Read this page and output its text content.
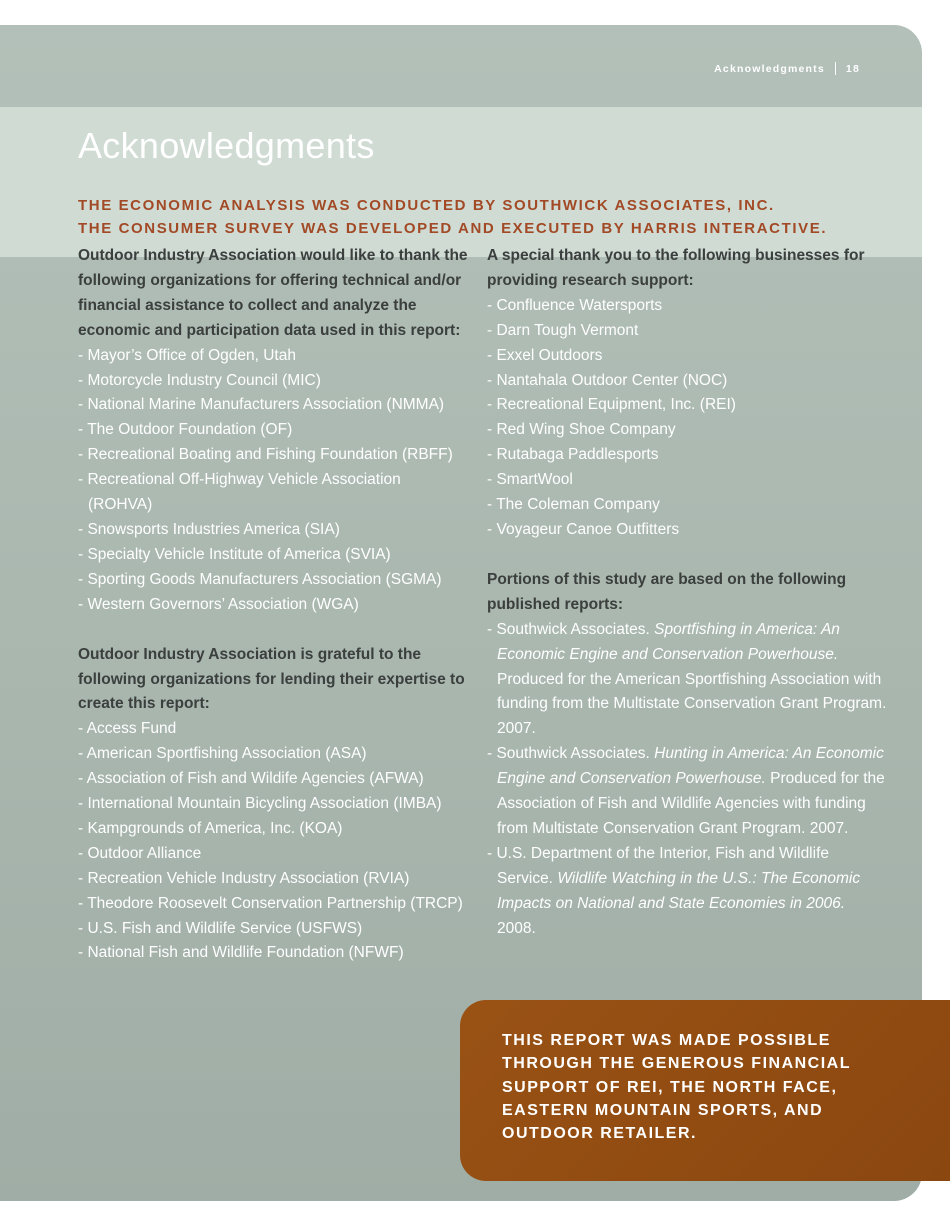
Acknowledgments 18
Acknowledgments
THE ECONOMIC ANALYSIS WAS CONDUCTED BY SOUTHWICK ASSOCIATES, INC.
THE CONSUMER SURVEY WAS DEVELOPED AND EXECUTED BY HARRIS INTERACTIVE.
Outdoor Industry Association would like to thank the following organizations for offering technical and/or financial assistance to collect and analyze the economic and participation data used in this report:
- Mayor’s Office of Ogden, Utah
- Motorcycle Industry Council (MIC)
- National Marine Manufacturers Association (NMMA)
- The Outdoor Foundation (OF)
- Recreational Boating and Fishing Foundation (RBFF)
- Recreational Off-Highway Vehicle Association (ROHVA)
- Snowsports Industries America (SIA)
- Specialty Vehicle Institute of America (SVIA)
- Sporting Goods Manufacturers Association (SGMA)
- Western Governors’ Association (WGA)
Outdoor Industry Association is grateful to the following organizations for lending their expertise to create this report:
- Access Fund
- American Sportfishing Association (ASA)
- Association of Fish and Wildife Agencies (AFWA)
- International Mountain Bicycling Association (IMBA)
- Kampgrounds of America, Inc. (KOA)
- Outdoor Alliance
- Recreation Vehicle Industry Association (RVIA)
- Theodore Roosevelt Conservation Partnership (TRCP)
- U.S. Fish and Wildlife Service (USFWS)
- National Fish and Wildlife Foundation (NFWF)
A special thank you to the following businesses for providing research support:
- Confluence Watersports
- Darn Tough Vermont
- Exxel Outdoors
- Nantahala Outdoor Center (NOC)
- Recreational Equipment, Inc. (REI)
- Red Wing Shoe Company
- Rutabaga Paddlesports
- SmartWool
- The Coleman Company
- Voyageur Canoe Outfitters
Portions of this study are based on the following published reports:
- Southwick Associates. Sportfishing in America: An Economic Engine and Conservation Powerhouse. Produced for the American Sportfishing Association with funding from the Multistate Conservation Grant Program. 2007.
- Southwick Associates. Hunting in America: An Economic Engine and Conservation Powerhouse. Produced for the Association of Fish and Wildlife Agencies with funding from Multistate Conservation Grant Program. 2007.
- U.S. Department of the Interior, Fish and Wildlife Service. Wildlife Watching in the U.S.: The Economic Impacts on National and State Economies in 2006. 2008.
THIS REPORT WAS MADE POSSIBLE THROUGH THE GENEROUS FINANCIAL SUPPORT OF REI, THE NORTH FACE, EASTERN MOUNTAIN SPORTS, AND OUTDOOR RETAILER.
